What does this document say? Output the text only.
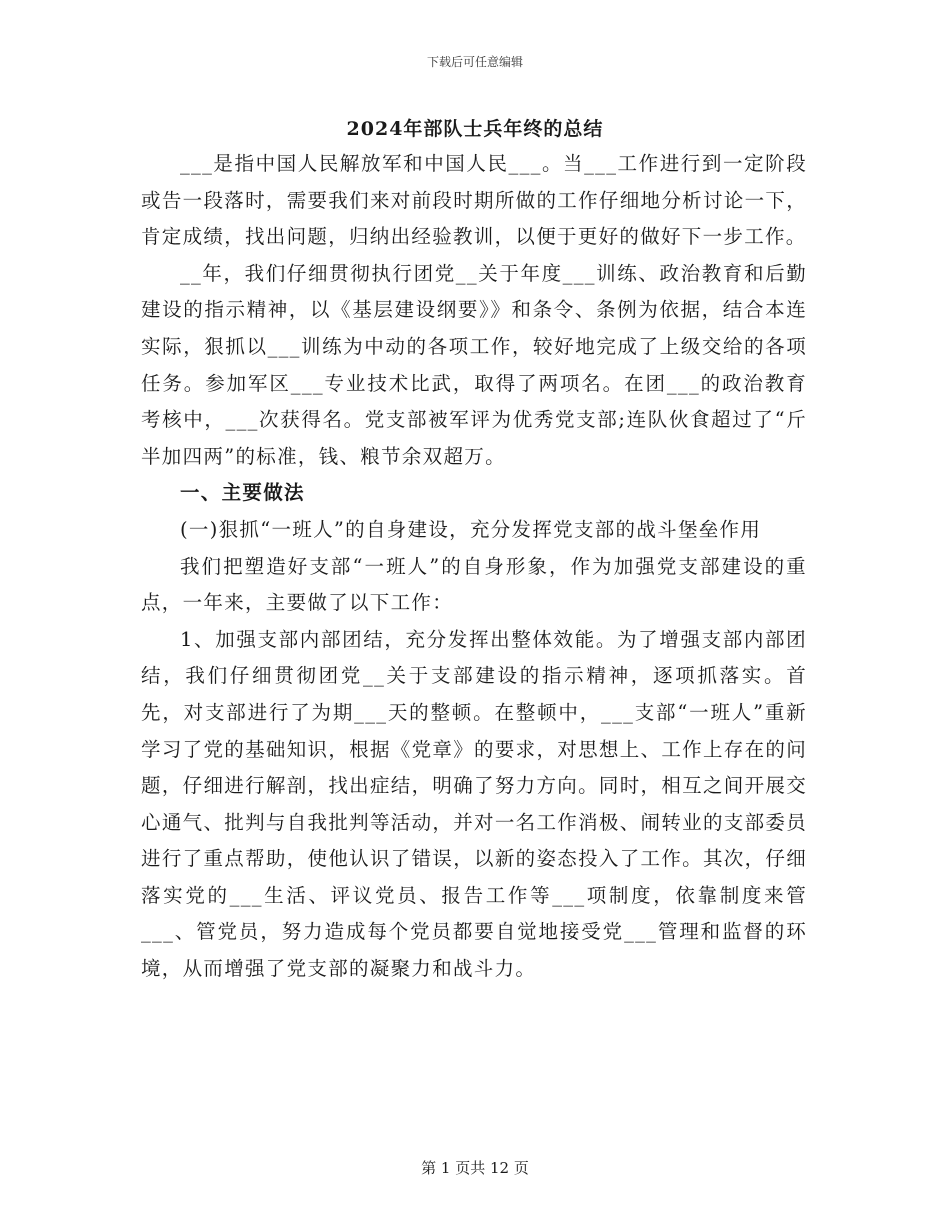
下载后可任意编辑
2024年部队士兵年终的总结

___是指中国人民解放军和中国人民___。当___工作进行到一定阶段或告一段落时，需要我们来对前段时期所做的工作仔细地分析讨论一下，肯定成绩，找出问题，归纳出经验教训，以便于更好的做好下一步工作。

__年，我们仔细贯彻执行团党__关于年度___训练、政治教育和后勤建设的指示精神，以《基层建设纲要》》和条令、条例为依据，结合本连实际，狠抓以___训练为中动的各项工作，较好地完成了上级交给的各项任务。参加军区___专业技术比武，取得了两项名。在团___的政治教育考核中，___次获得名。党支部被军评为优秀党支部;连队伙食超过了“斤半加四两”的标准，钱、粮节余双超万。

一、主要做法

(一)狠抓“一班人”的自身建设，充分发挥党支部的战斗堡垒作用

我们把塑造好支部“一班人”的自身形象，作为加强党支部建设的重点，一年来，主要做了以下工作：

1、加强支部内部团结，充分发挥出整体效能。为了增强支部内部团结，我们仔细贯彻团党__关于支部建设的指示精神，逐项抓落实。首先，对支部进行了为期___天的整顿。在整顿中，___支部“一班人”重新学习了党的基础知识，根据《党章》的要求，对思想上、工作上存在的问题，仔细进行解剖，找出症结，明确了努力方向。同时，相互之间开展交心通气、批判与自我批判等活动，并对一名工作消极、闹转业的支部委员进行了重点帮助，使他认识了错误，以新的姿态投入了工作。其次，仔细落实党的___生活、评议党员、报告工作等___项制度，依靠制度来管___、管党员，努力造成每个党员都要自觉地接受党___管理和监督的环境，从而增强了党支部的凝聚力和战斗力。

第 1 页共 12 页
